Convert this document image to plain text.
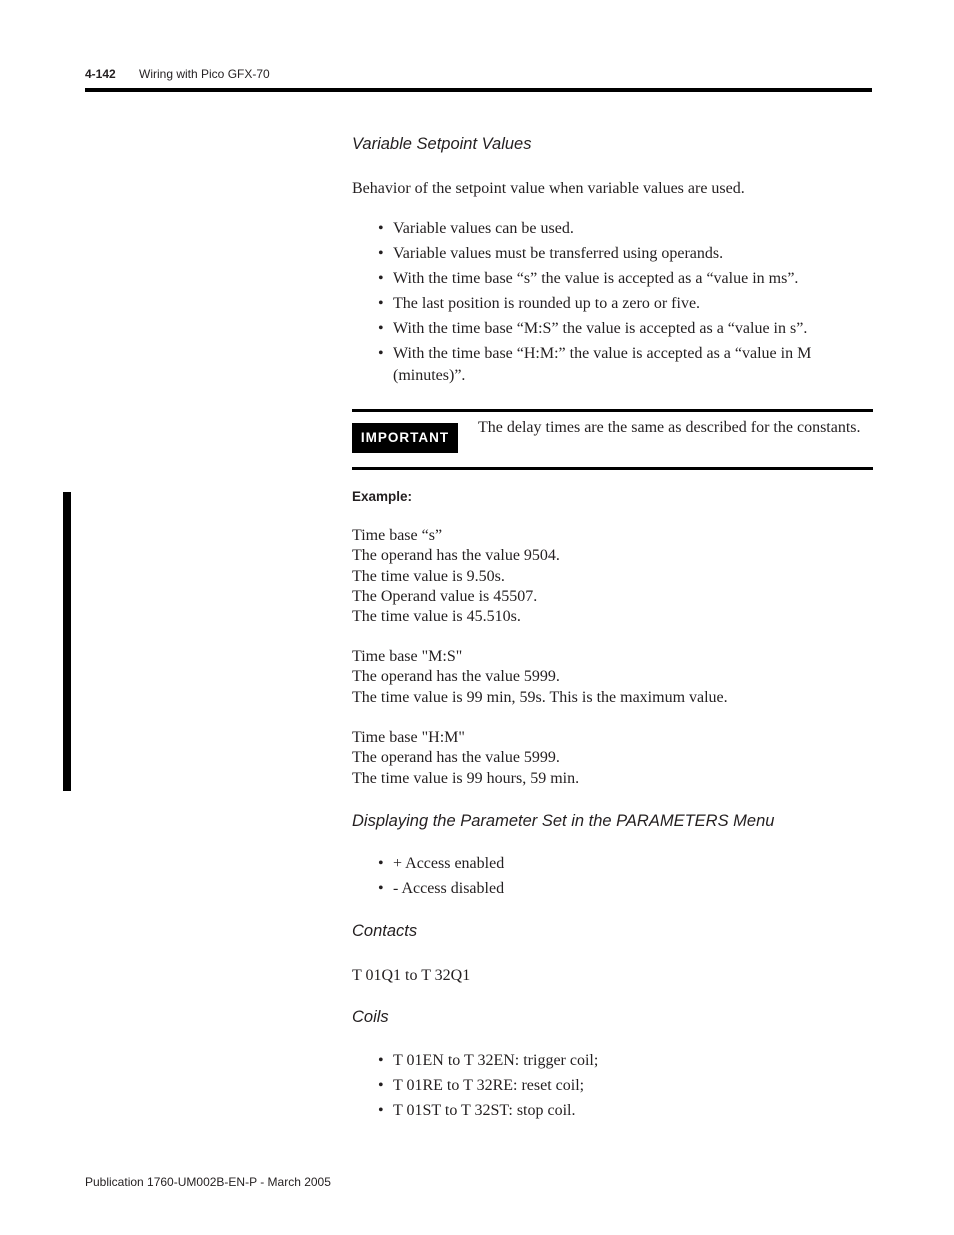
4-142 Wiring with Pico GFX-70
Variable Setpoint Values
Behavior of the setpoint value when variable values are used.
• Variable values can be used.
• Variable values must be transferred using operands.
• With the time base “s” the value is accepted as a “value in ms”.
• The last position is rounded up to a zero or five.
• With the time base “M:S” the value is accepted as a “value in s”.
• With the time base “H:M:” the value is accepted as a “value in M (minutes)”.
IMPORTANT
The delay times are the same as described for the constants.
Example:
Time base “s”
The operand has the value 9504.
The time value is 9.50s.
The Operand value is 45507.
The time value is 45.510s.
Time base "M:S"
The operand has the value 5999.
The time value is 99 min, 59s. This is the maximum value.
Time base "H:M"
The operand has the value 5999.
The time value is 99 hours, 59 min.
Displaying the Parameter Set in the PARAMETERS Menu
• + Access enabled
• - Access disabled
Contacts
T 01Q1 to T 32Q1
Coils
• T 01EN to T 32EN: trigger coil;
• T 01RE to T 32RE: reset coil;
• T 01ST to T 32ST: stop coil.
Publication 1760-UM002B-EN-P - March 2005
